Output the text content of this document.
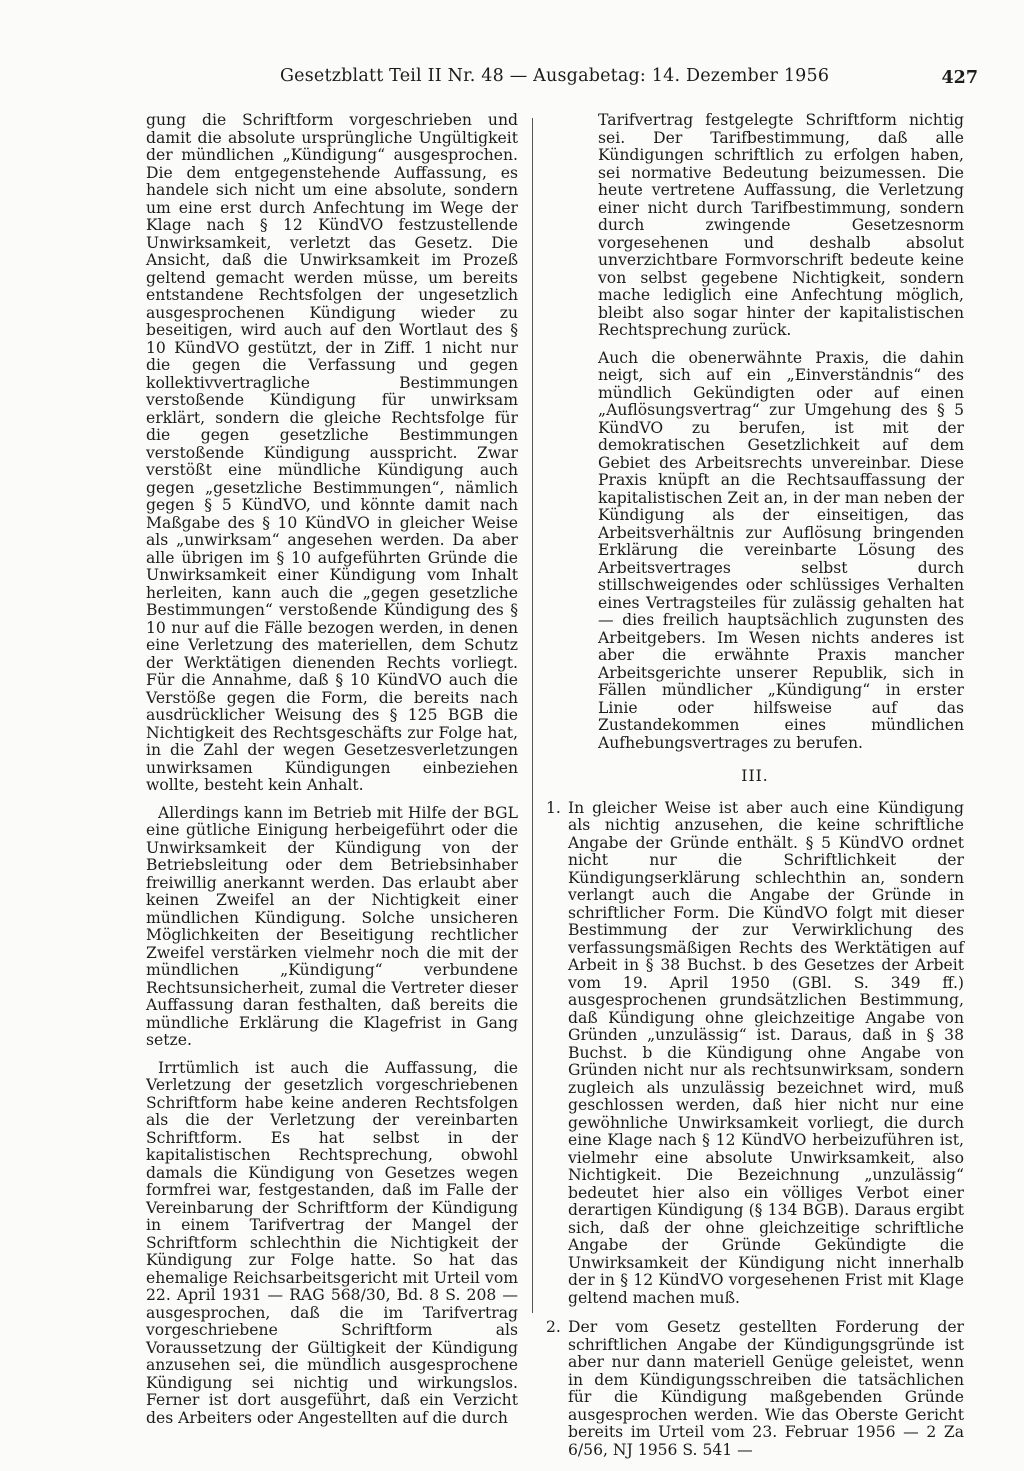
Gesetzblatt Teil II Nr. 48 — Ausgabetag: 14. Dezember 1956	427

gung die Schriftform vorgeschrieben und damit die absolute ursprüngliche Ungültigkeit der mündlichen „Kündigung“ ausgesprochen. Die dem entgegenstehende Auffassung, es handele sich nicht um eine absolute, sondern um eine erst durch Anfechtung im Wege der Klage nach § 12 KündVO festzustellende Unwirksamkeit, verletzt das Gesetz. Die Ansicht, daß die Unwirksamkeit im Prozeß geltend gemacht werden müsse, um bereits entstandene Rechtsfolgen der ungesetzlich ausgesprochenen Kündigung wieder zu beseitigen, wird auch auf den Wortlaut des § 10 KündVO gestützt, der in Ziff. 1 nicht nur die gegen die Verfassung und gegen kollektivvertragliche Bestimmungen verstoßende Kündigung für unwirksam erklärt, sondern die gleiche Rechtsfolge für die gegen gesetzliche Bestimmungen verstoßende Kündigung ausspricht. Zwar verstößt eine mündliche Kündigung auch gegen „gesetzliche Bestimmungen“, nämlich gegen § 5 KündVO, und könnte damit nach Maßgabe des § 10 KündVO in gleicher Weise als „unwirksam“ angesehen werden. Da aber alle übrigen im § 10 aufgeführten Gründe die Unwirksamkeit einer Kündigung vom Inhalt herleiten, kann auch die „gegen gesetzliche Bestimmungen“ verstoßende Kündigung des § 10 nur auf die Fälle bezogen werden, in denen eine Verletzung des materiellen, dem Schutz der Werktätigen dienenden Rechts vorliegt. Für die Annahme, daß § 10 KündVO auch die Verstöße gegen die Form, die bereits nach ausdrücklicher Weisung des § 125 BGB die Nichtigkeit des Rechtsgeschäfts zur Folge hat, in die Zahl der wegen Gesetzesverletzungen unwirksamen Kündigungen einbeziehen wollte, besteht kein Anhalt.

Allerdings kann im Betrieb mit Hilfe der BGL eine gütliche Einigung herbeigeführt oder die Unwirksamkeit der Kündigung von der Betriebsleitung oder dem Betriebsinhaber freiwillig anerkannt werden. Das erlaubt aber keinen Zweifel an der Nichtigkeit einer mündlichen Kündigung. Solche unsicheren Möglichkeiten der Beseitigung rechtlicher Zweifel verstärken vielmehr noch die mit der mündlichen „Kündigung“ verbundene Rechtsunsicherheit, zumal die Vertreter dieser Auffassung daran festhalten, daß bereits die mündliche Erklärung die Klagefrist in Gang setze.

Irrtümlich ist auch die Auffassung, die Verletzung der gesetzlich vorgeschriebenen Schriftform habe keine anderen Rechtsfolgen als die der Verletzung der vereinbarten Schriftform. Es hat selbst in der kapitalistischen Rechtsprechung, obwohl damals die Kündigung von Gesetzes wegen formfrei war, festgestanden, daß im Falle der Vereinbarung der Schriftform der Kündigung in einem Tarifvertrag der Mangel der Schriftform schlechthin die Nichtigkeit der Kündigung zur Folge hatte. So hat das ehemalige Reichsarbeitsgericht mit Urteil vom 22. April 1931 — RAG 568/30, Bd. 8 S. 208 — ausgesprochen, daß die im Tarifvertrag vorgeschriebene Schriftform als Voraussetzung der Gültigkeit der Kündigung anzusehen sei, die mündlich ausgesprochene Kündigung sei nichtig und wirkungslos. Ferner ist dort ausgeführt, daß ein Verzicht des Arbeiters oder Angestellten auf die durch

Tarifvertrag festgelegte Schriftform nichtig sei. Der Tarifbestimmung, daß alle Kündigungen schriftlich zu erfolgen haben, sei normative Bedeutung beizumessen. Die heute vertretene Auffassung, die Verletzung einer nicht durch Tarifbestimmung, sondern durch zwingende Gesetzesnorm vorgesehenen und deshalb absolut unverzichtbare Formvorschrift bedeute keine von selbst gegebene Nichtigkeit, sondern mache lediglich eine Anfechtung möglich, bleibt also sogar hinter der kapitalistischen Rechtsprechung zurück.

Auch die obenerwähnte Praxis, die dahin neigt, sich auf ein „Einverständnis“ des mündlich Gekündigten oder auf einen „Auflösungsvertrag“ zur Umgehung des § 5 KündVO zu berufen, ist mit der demokratischen Gesetzlichkeit auf dem Gebiet des Arbeitsrechts unvereinbar. Diese Praxis knüpft an die Rechtsauffassung der kapitalistischen Zeit an, in der man neben der Kündigung als der einseitigen, das Arbeitsverhältnis zur Auflösung bringenden Erklärung die vereinbarte Lösung des Arbeitsvertrages selbst durch stillschweigendes oder schlüssiges Verhalten eines Vertragsteiles für zulässig gehalten hat — dies freilich hauptsächlich zugunsten des Arbeitgebers. Im Wesen nichts anderes ist aber die erwähnte Praxis mancher Arbeitsgerichte unserer Republik, sich in Fällen mündlicher „Kündigung“ in erster Linie oder hilfsweise auf das Zustandekommen eines mündlichen Aufhebungsvertrages zu berufen.

III.
1. In gleicher Weise ist aber auch eine Kündigung als nichtig anzusehen, die keine schriftliche Angabe der Gründe enthält. § 5 KündVO ordnet nicht nur die Schriftlichkeit der Kündigungserklärung schlechthin an, sondern verlangt auch die Angabe der Gründe in schriftlicher Form. Die KündVO folgt mit dieser Bestimmung der zur Verwirklichung des verfassungsmäßigen Rechts des Werktätigen auf Arbeit in § 38 Buchst. b des Gesetzes der Arbeit vom 19. April 1950 (GBl. S. 349 ff.) ausgesprochenen grundsätzlichen Bestimmung, daß Kündigung ohne gleichzeitige Angabe von Gründen „unzulässig“ ist. Daraus, daß in § 38 Buchst. b die Kündigung ohne Angabe von Gründen nicht nur als rechtsunwirksam, sondern zugleich als unzulässig bezeichnet wird, muß geschlossen werden, daß hier nicht nur eine gewöhnliche Unwirksamkeit vorliegt, die durch eine Klage nach § 12 KündVO herbeizuführen ist, vielmehr eine absolute Unwirksamkeit, also Nichtigkeit. Die Bezeichnung „unzulässig“ bedeutet hier also ein völliges Verbot einer derartigen Kündigung (§ 134 BGB). Daraus ergibt sich, daß der ohne gleichzeitige schriftliche Angabe der Gründe Gekündigte die Unwirksamkeit der Kündigung nicht innerhalb der in § 12 KündVO vorgesehenen Frist mit Klage geltend machen muß.
2. Der vom Gesetz gestellten Forderung der schriftlichen Angabe der Kündigungsgründe ist aber nur dann materiell Genüge geleistet, wenn in dem Kündigungsschreiben die tatsächlichen für die Kündigung maßgebenden Gründe ausgesprochen werden. Wie das Oberste Gericht bereits im Urteil vom 23. Februar 1956 — 2 Za 6/56, NJ 1956 S. 541 —
